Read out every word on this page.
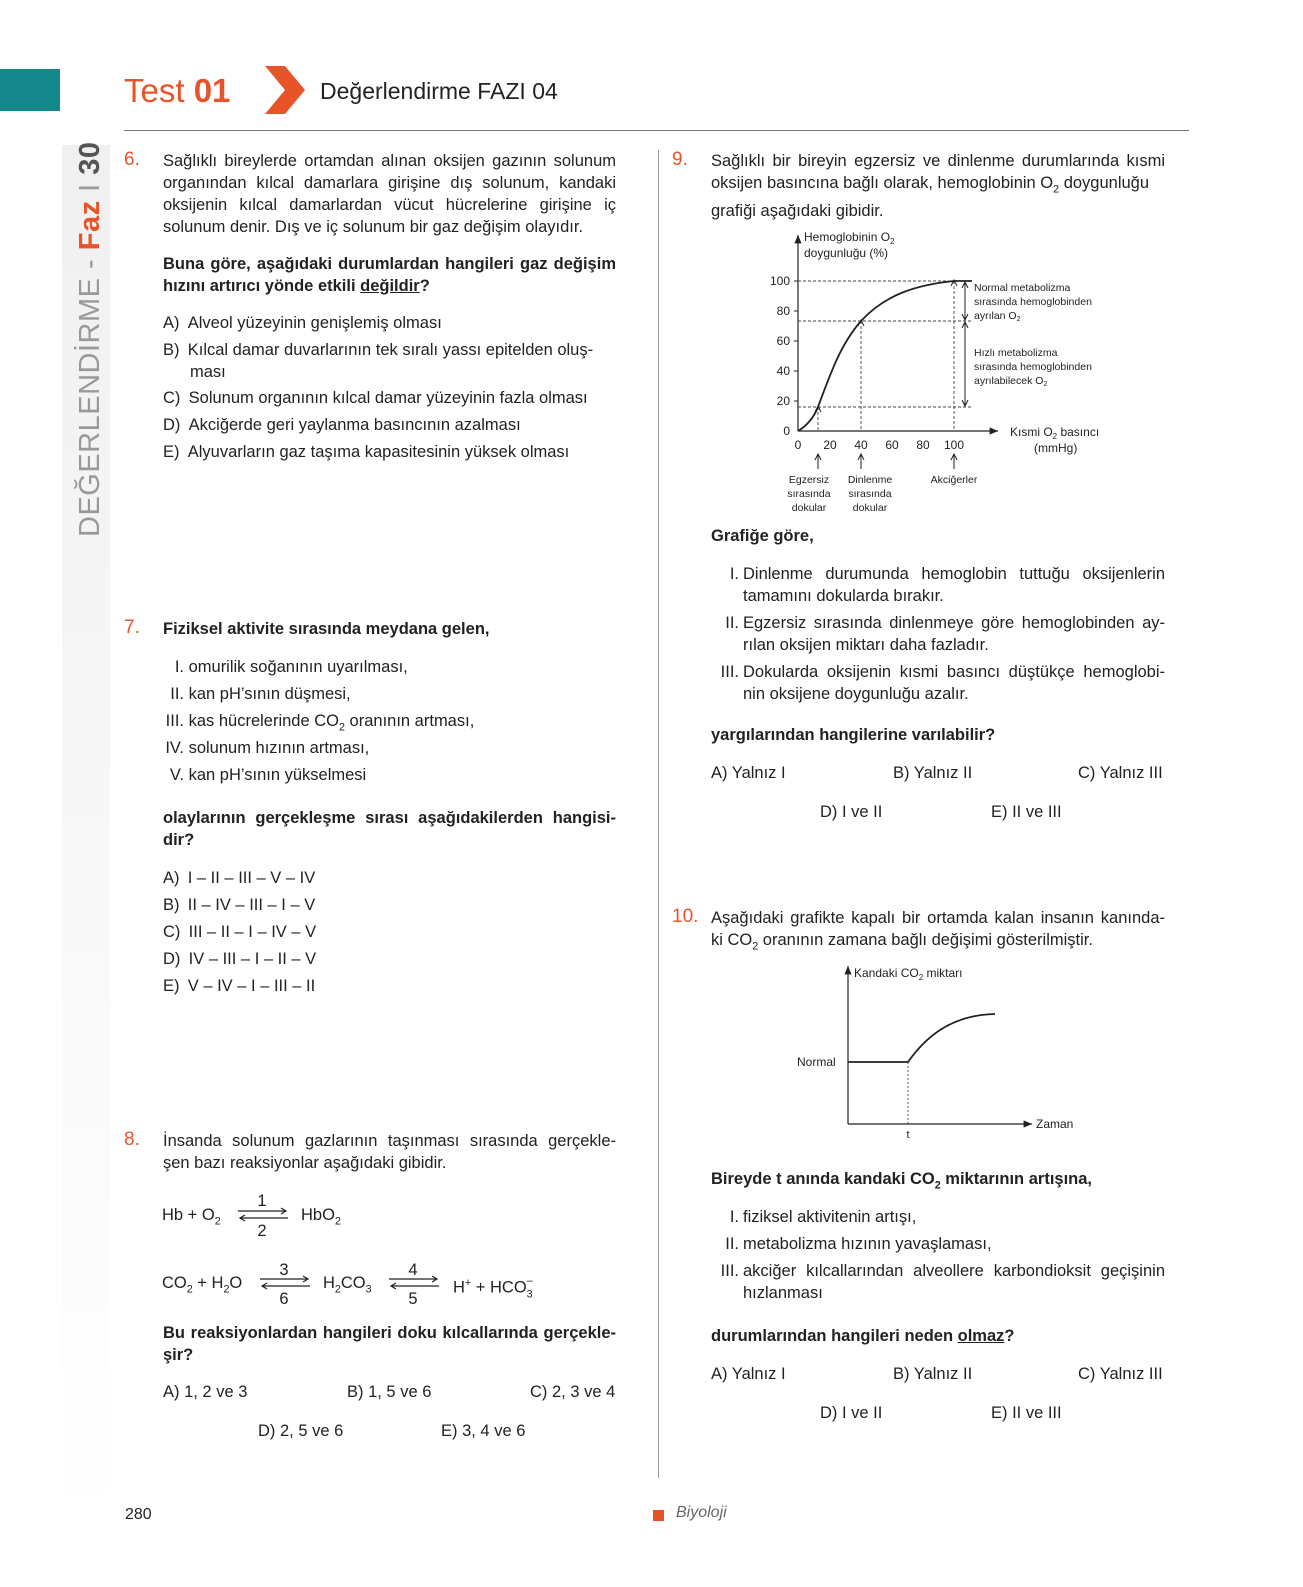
Test 01	Değerlendirme FAZI 04
DEĞERLENDİRME - Faz I 30 6. Sağlıklı bireylerde ortamdan alınan oksijen gazının solunum
organından kılcal damarlara girişine dış solunum, kandaki
oksijenin kılcal damarlardan vücut hücrelerine girişine iç
solunum denir. Dış ve iç solunum bir gaz değişim olayıdır.
Buna göre, aşağıdaki durumlardan hangileri gaz değişim
hızını artırıcı yönde etkili değildir?
A) Alveol yüzeyinin genişlemiş olması
B) Kılcal damar duvarlarının tek sıralı yassı epitelden oluş-
ması
C) Solunum organının kılcal damar yüzeyinin fazla olması
D) Akciğerde geri yaylanma basıncının azalması
E) Alyuvarların gaz taşıma kapasitesinin yüksek olması
7. Fiziksel aktivite sırasında meydana gelen,
I. omurilik soğanının uyarılması,
II. kan pH’sının düşmesi,
III. kas hücrelerinde $CO_2$ oranının artması,
IV. solunum hızının artması,
V. kan pH’sının yükselmesi
olaylarının gerçekleşme sırası aşağıdakilerden hangisi-
dir?
A) I – II – III – V – IV
B) II – IV – III – I – V
C) III – II – I – IV – V
D) IV – III – I – II – V
E) V – IV – I – III – II
8. İnsanda solunum gazlarının taşınması sırasında gerçekle-
şen bazı reaksiyonlar aşağıdaki gibidir.
$Hb + O_2$
1
2
HbO$_2$
$CO_2 + H_2O$
3
6
$H_2CO_3$
4
5
H+ + HCO –
$_3$
Bu reaksiyonlardan hangileri doku kılcallarında gerçekle-
şir?
A) 1, 2 ve 3	B) 1, 5 ve 6	C) 2, 3 ve 4
D) 2, 5 ve 6	E) 3, 4 ve 6
9. Sağlıklı bir bireyin egzersiz ve dinlenme durumlarında kısmi
oksijen basıncına bağlı olarak, hemoglobinin $O_2$ doygunluğu
grafiği aşağıdaki gibidir.
Hemoglobinin $O_2$
doygunluğu (%)
0
20
40
60
80
100
0 20 40 60 80 100
Kısmi $O_2$ basıncı
(mmHg)
Normal metabolizma
sırasında hemoglobinden
ayrılan O2
Hızlı metabolizma
sırasında hemoglobinden
ayrılabilecek O2
Egzersiz
sırasında
dokular
Dinlenme
sırasında
dokular
Akciğerler
Grafiğe göre,
I. Dinlenme durumunda hemoglobin tuttuğu oksijenlerin
tamamını dokularda bırakır.
II. Egzersiz sırasında dinlenmeye göre hemoglobinden ay-
rılan oksijen miktarı daha fazladır.
III. Dokularda oksijenin kısmi basıncı düştükçe hemoglobi-
nin oksijene doygunluğu azalır.
yargılarından hangilerine varılabilir?
A) Yalnız I	B) Yalnız II	C) Yalnız III
D) I ve II	E) II ve III
10. Aşağıdaki grafikte kapalı bir ortamda kalan insanın kanında-
ki $CO_2$ oranının zamana bağlı değişimi gösterilmiştir.
Kandaki $CO_2$ miktarı
Normal
Zaman
t
Bireyde t anında kandaki $CO_2$ miktarının artışına,
I. fiziksel aktivitenin artışı,
II. metabolizma hızının yavaşlaması,
III. akciğer kılcallarından alveollere karbondioksit geçişinin
hızlanması
durumlarından hangileri neden olmaz?
A) Yalnız I	B) Yalnız II	C) Yalnız III
D) I ve II	E) II ve III
280	Biyoloji
